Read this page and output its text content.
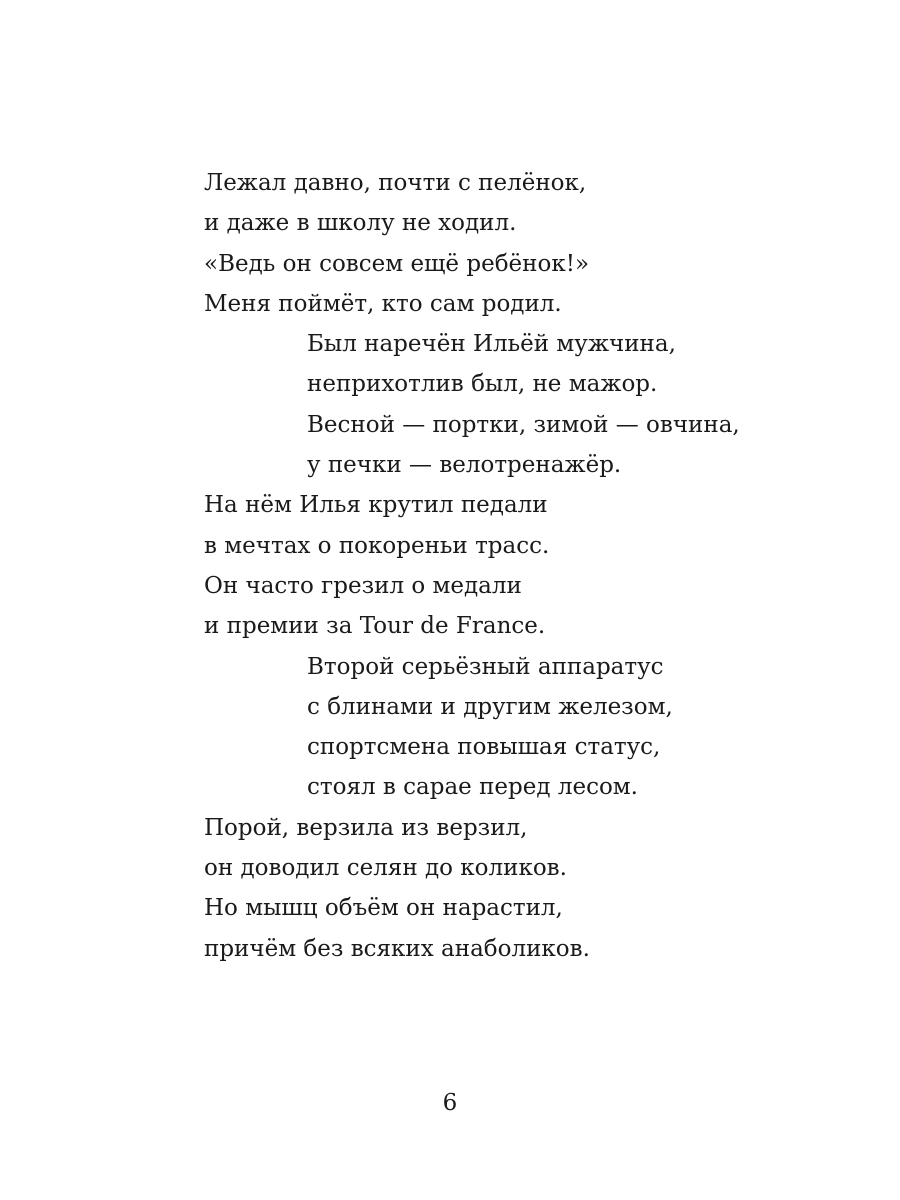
Лежал давно, почти с пелёнок,
и даже в школу не ходил.
«Ведь он совсем ещё ребёнок!»
Меня поймёт, кто сам родил.
Был наречён Ильёй мужчина,
неприхотлив был, не мажор.
Весной — портки, зимой — овчина,
у печки — велотренажёр.
На нём Илья крутил педали
в мечтах о покореньи трасс.
Он часто грезил о медали
и премии за Tour de France.
Второй серьёзный аппаратус
с блинами и другим железом,
спортсмена повышая статус,
стоял в сарае перед лесом.
Порой, верзила из верзил,
он доводил селян до коликов.
Но мышц объём он нарастил,
причём без всяких анаболиков.
6
